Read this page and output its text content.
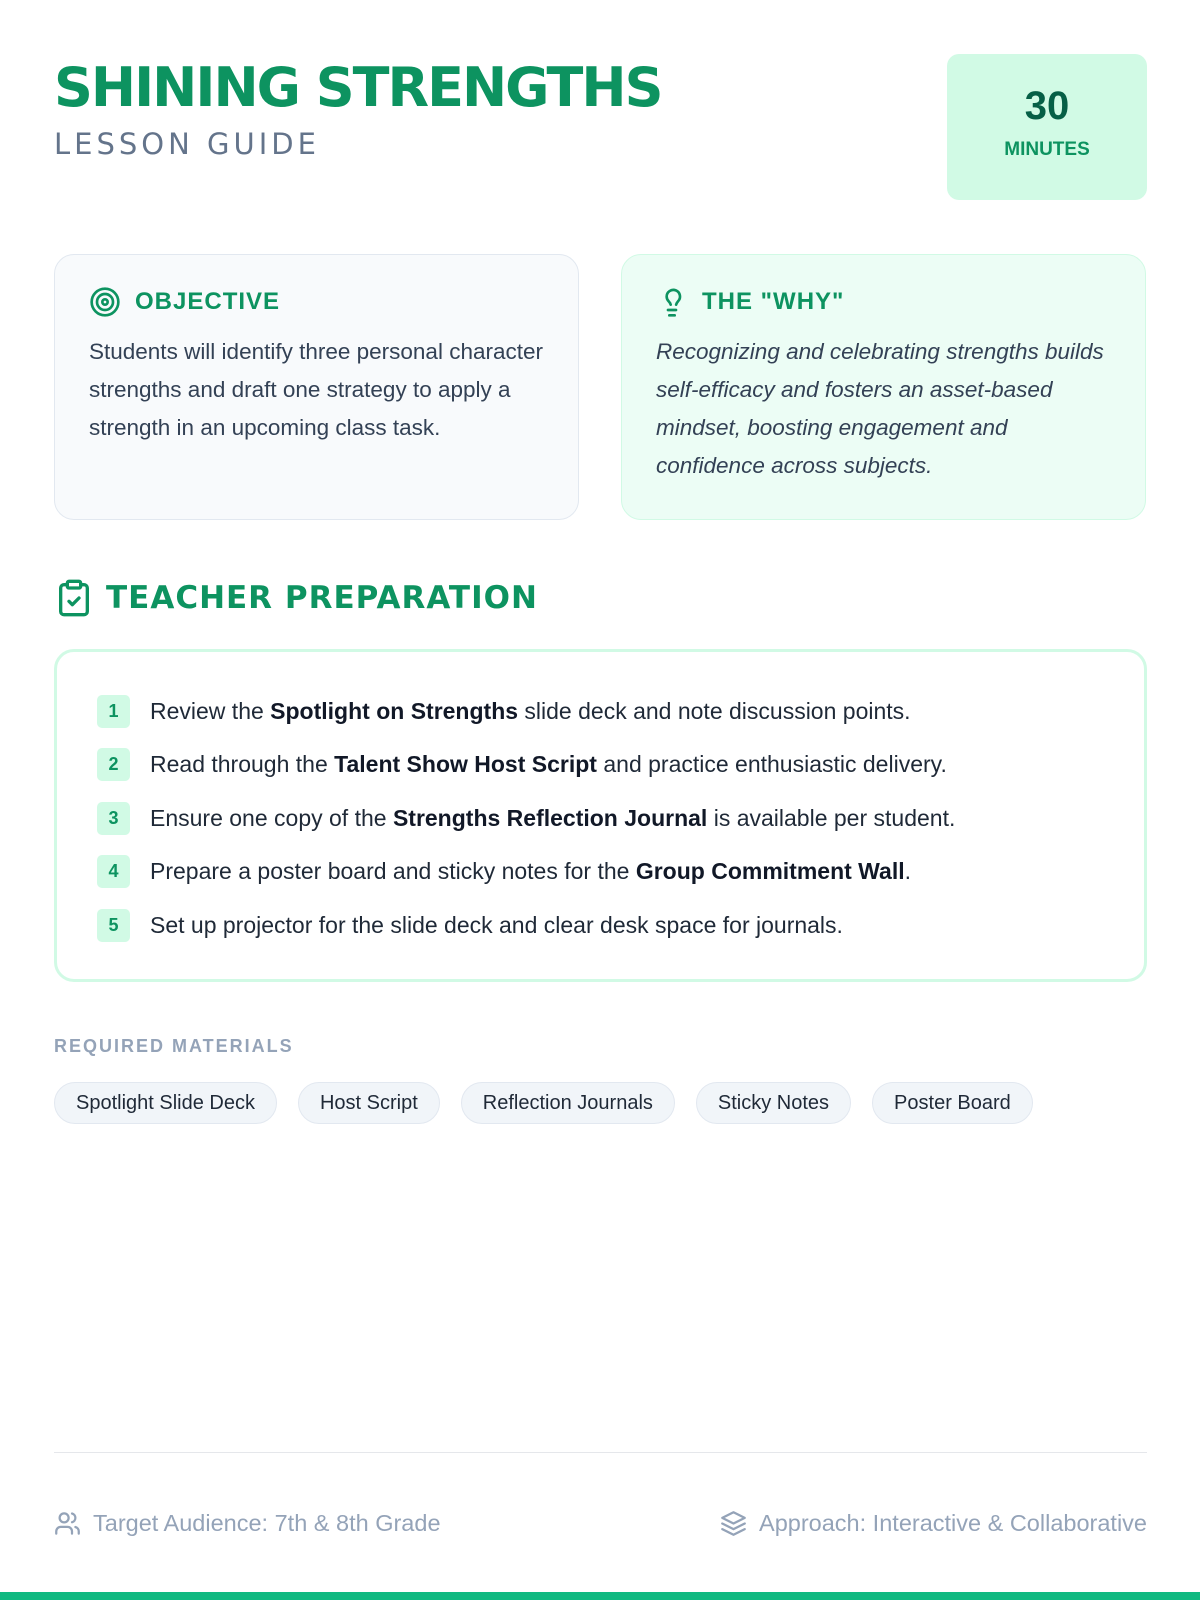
SHINING STRENGTHS
LESSON GUIDE
30
MINUTES
OBJECTIVE
Students will identify three personal character strengths and draft one strategy to apply a strength in an upcoming class task.
THE "WHY"
Recognizing and celebrating strengths builds self-efficacy and fosters an asset-based mindset, boosting engagement and confidence across subjects.
TEACHER PREPARATION
1	Review the Spotlight on Strengths slide deck and note discussion points.
2	Read through the Talent Show Host Script and practice enthusiastic delivery.
3	Ensure one copy of the Strengths Reflection Journal is available per student.
4	Prepare a poster board and sticky notes for the Group Commitment Wall.
5	Set up projector for the slide deck and clear desk space for journals.
REQUIRED MATERIALS
Spotlight Slide Deck	Host Script	Reflection Journals	Sticky Notes	Poster Board
Target Audience: 7th & 8th Grade	Approach: Interactive & Collaborative
